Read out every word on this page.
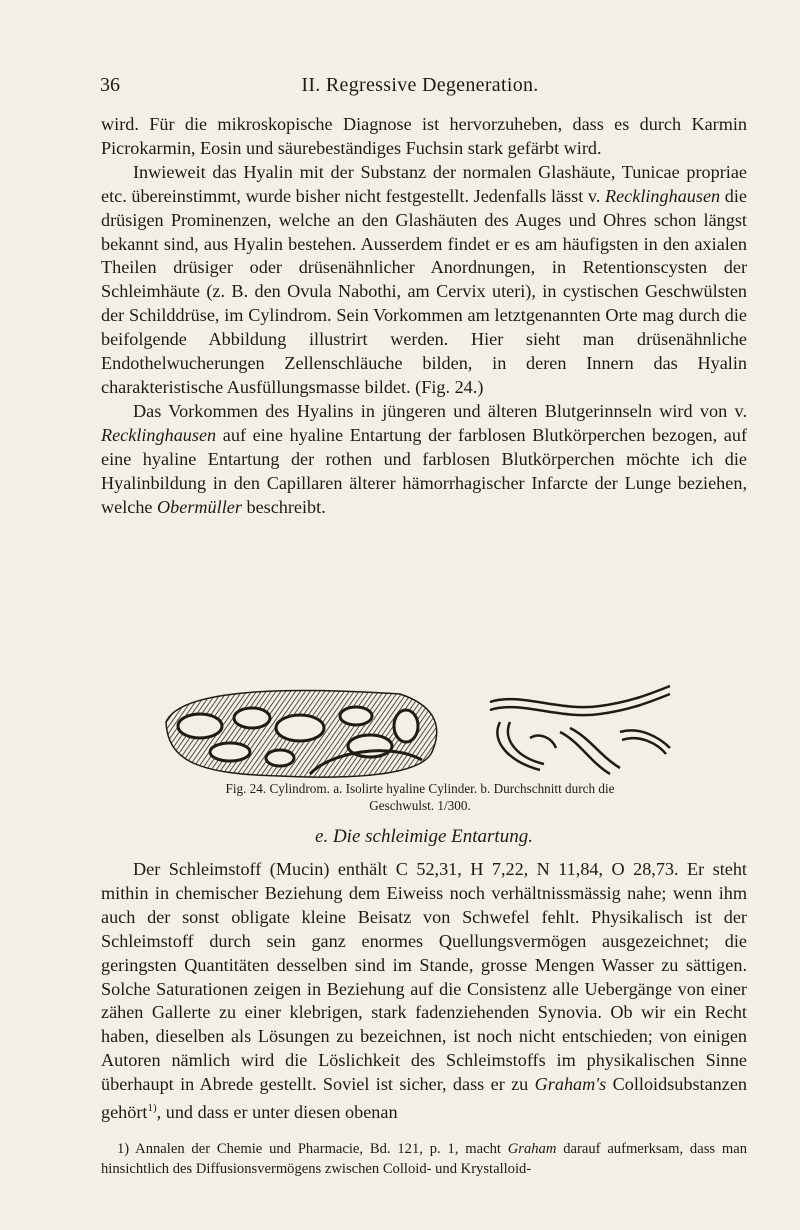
36	II. Regressive Degeneration.

wird. Für die mikroskopische Diagnose ist hervorzuheben, dass es durch Karmin Picrokarmin, Eosin und säurebeständiges Fuchsin stark gefärbt wird.

Inwieweit das Hyalin mit der Substanz der normalen Glashäute, Tunicae propriae etc. übereinstimmt, wurde bisher nicht festgestellt. Jedenfalls lässt v. Recklinghausen die drüsigen Prominenzen, welche an den Glashäuten des Auges und Ohres schon längst bekannt sind, aus Hyalin bestehen. Ausserdem findet er es am häufigsten in den axialen Theilen drüsiger oder drüsenähnlicher Anordnungen, in Retentionscysten der Schleimhäute (z. B. den Ovula Nabothi, am Cervix uteri), in cystischen Geschwülsten der Schilddrüse, im Cylindrom. Sein Vorkommen am letztgenannten Orte mag durch die beifolgende Abbildung illustrirt werden. Hier sieht man drüsenähnliche Endothelwucherungen Zellenschläuche bilden, in deren Innern das Hyalin charakteristische Ausfüllungsmasse bildet. (Fig. 24.)

Das Vorkommen des Hyalins in jüngeren und älteren Blutgerinnseln wird von v. Recklinghausen auf eine hyaline Entartung der farblosen Blutkörperchen bezogen, auf eine hyaline Entartung der rothen und farblosen Blutkörperchen möchte ich die Hyalinbildung in den Capillaren älterer hämorrhagischer Infarcte der Lunge beziehen, welche Obermüller beschreibt.

Fig. 24. Cylindrom. a. Isolirte hyaline Cylinder. b. Durchschnitt durch die
Geschwulst. 1/300.
e. Die schleimige Entartung.

Der Schleimstoff (Mucin) enthält C 52,31, H 7,22, N 11,84, O 28,73. Er steht mithin in chemischer Beziehung dem Eiweiss noch verhältnissmässig nahe; wenn ihm auch der sonst obligate kleine Beisatz von Schwefel fehlt. Physikalisch ist der Schleimstoff durch sein ganz enormes Quellungsvermögen ausgezeichnet; die geringsten Quantitäten desselben sind im Stande, grosse Mengen Wasser zu sättigen. Solche Saturationen zeigen in Beziehung auf die Consistenz alle Uebergänge von einer zähen Gallerte zu einer klebrigen, stark fadenziehenden Synovia. Ob wir ein Recht haben, dieselben als Lösungen zu bezeichnen, ist noch nicht entschieden; von einigen Autoren nämlich wird die Löslichkeit des Schleimstoffs im physikalischen Sinne überhaupt in Abrede gestellt. Soviel ist sicher, dass er zu Graham's Colloidsubstanzen gehört$^{1)}$, und dass er unter diesen obenan

1) Annalen der Chemie und Pharmacie, Bd. 121, p. 1, macht Graham darauf aufmerksam, dass man hinsichtlich des Diffusionsvermögens zwischen Colloid- und Krystalloid-
